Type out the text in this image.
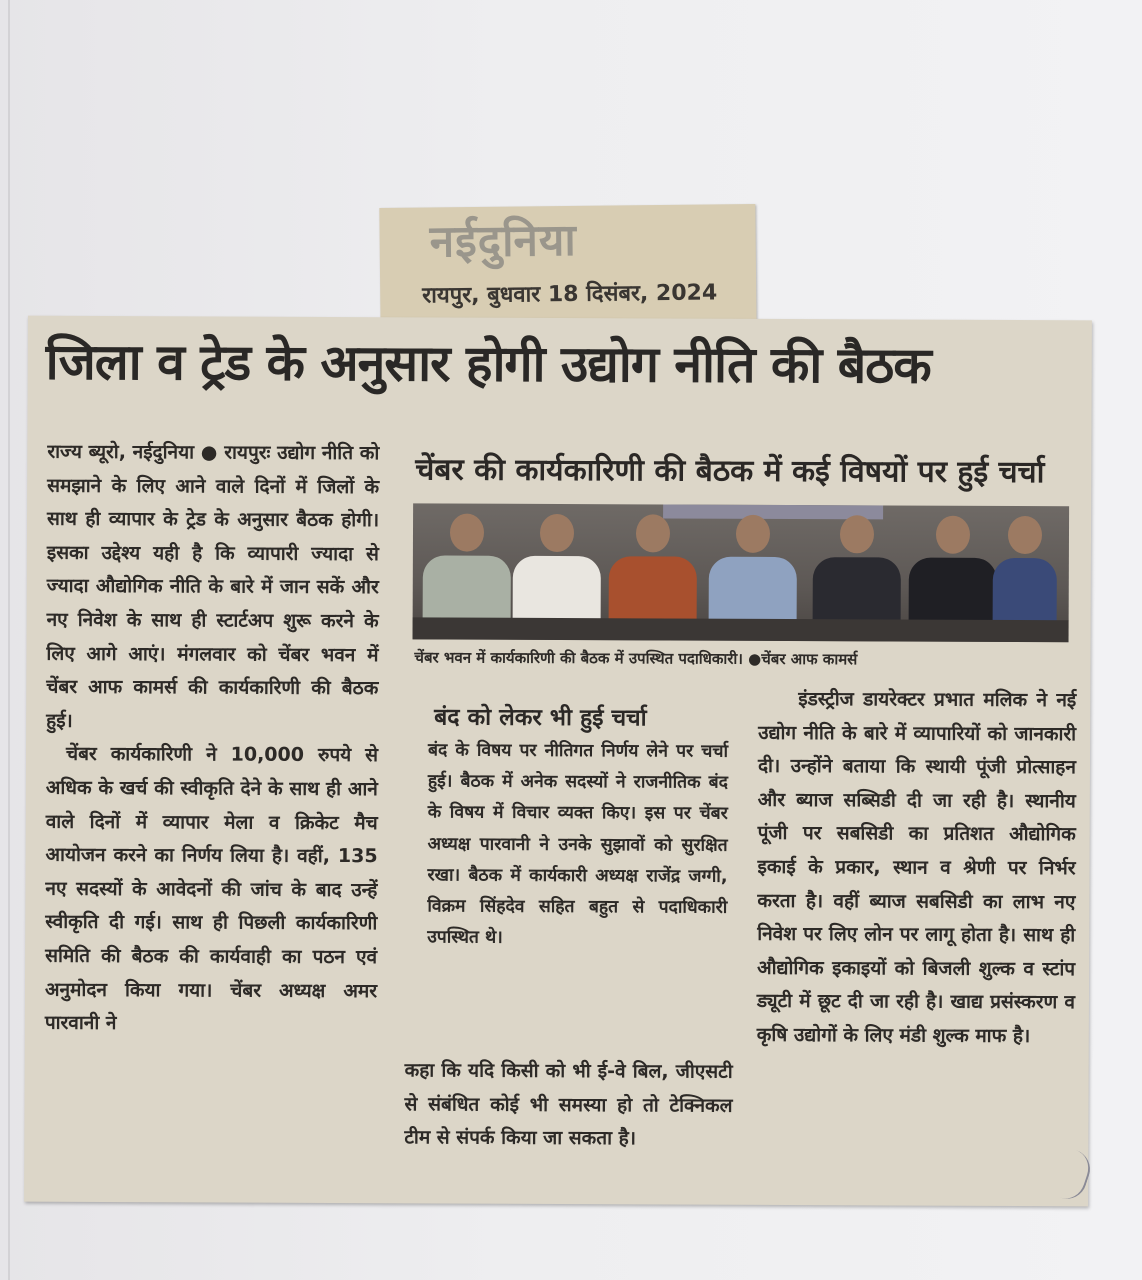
नईदुनिया
रायपुर, बुधवार 18 दिसंबर, 2024
जिला व ट्रेड के अनुसार होगी उद्योग नीति की बैठक

राज्य ब्यूरो, नईदुनिया ● रायपुरः उद्योग नीति को समझाने के लिए आने वाले दिनों में जिलों के साथ ही व्यापार के ट्रेड के अनुसार बैठक होगी। इसका उद्देश्य यही है कि व्यापारी ज्यादा से ज्यादा औद्योगिक नीति के बारे में जान सकें और नए निवेश के साथ ही स्टार्टअप शुरू करने के लिए आगे आएं। मंगलवार को चेंबर भवन में चेंबर आफ कामर्स की कार्यकारिणी की बैठक हुई।

चेंबर कार्यकारिणी ने 10,000 रुपये से अधिक के खर्च की स्वीकृति देने के साथ ही आने वाले दिनों में व्यापार मेला व क्रिकेट मैच आयोजन करने का निर्णय लिया है। वहीं, 135 नए सदस्यों के आवेदनों की जांच के बाद उन्हें स्वीकृति दी गई। साथ ही पिछली कार्यकारिणी समिति की बैठक की कार्यवाही का पठन एवं अनुमोदन किया गया। चेंबर अध्यक्ष अमर पारवानी ने

चेंबर की कार्यकारिणी की बैठक में कई विषयों पर हुई चर्चा
चेंबर भवन में कार्यकारिणी की बैठक में उपस्थित पदाधिकारी। ●चेंबर आफ कामर्स
बंद को लेकर भी हुई चर्चा

बंद के विषय पर नीतिगत निर्णय लेने पर चर्चा हुई। बैठक में अनेक सदस्यों ने राजनीतिक बंद के विषय में विचार व्यक्त किए। इस पर चेंबर अध्यक्ष पारवानी ने उनके सुझावों को सुरक्षित रखा। बैठक में कार्यकारी अध्यक्ष राजेंद्र जग्गी, विक्रम सिंहदेव सहित बहुत से पदाधिकारी उपस्थित थे।

कहा कि यदि किसी को भी ई-वे बिल, जीएसटी से संबंधित कोई भी समस्या हो तो टेक्निकल टीम से संपर्क किया जा सकता है।

इंडस्ट्रीज डायरेक्टर प्रभात मलिक ने नई उद्योग नीति के बारे में व्यापारियों को जानकारी दी। उन्होंने बताया कि स्थायी पूंजी प्रोत्साहन और ब्याज सब्सिडी दी जा रही है। स्थानीय पूंजी पर सबसिडी का प्रतिशत औद्योगिक इकाई के प्रकार, स्थान व श्रेणी पर निर्भर करता है। वहीं ब्याज सबसिडी का लाभ नए निवेश पर लिए लोन पर लागू होता है। साथ ही औद्योगिक इकाइयों को बिजली शुल्क व स्टांप ड्यूटी में छूट दी जा रही है। खाद्य प्रसंस्करण व कृषि उद्योगों के लिए मंडी शुल्क माफ है।
